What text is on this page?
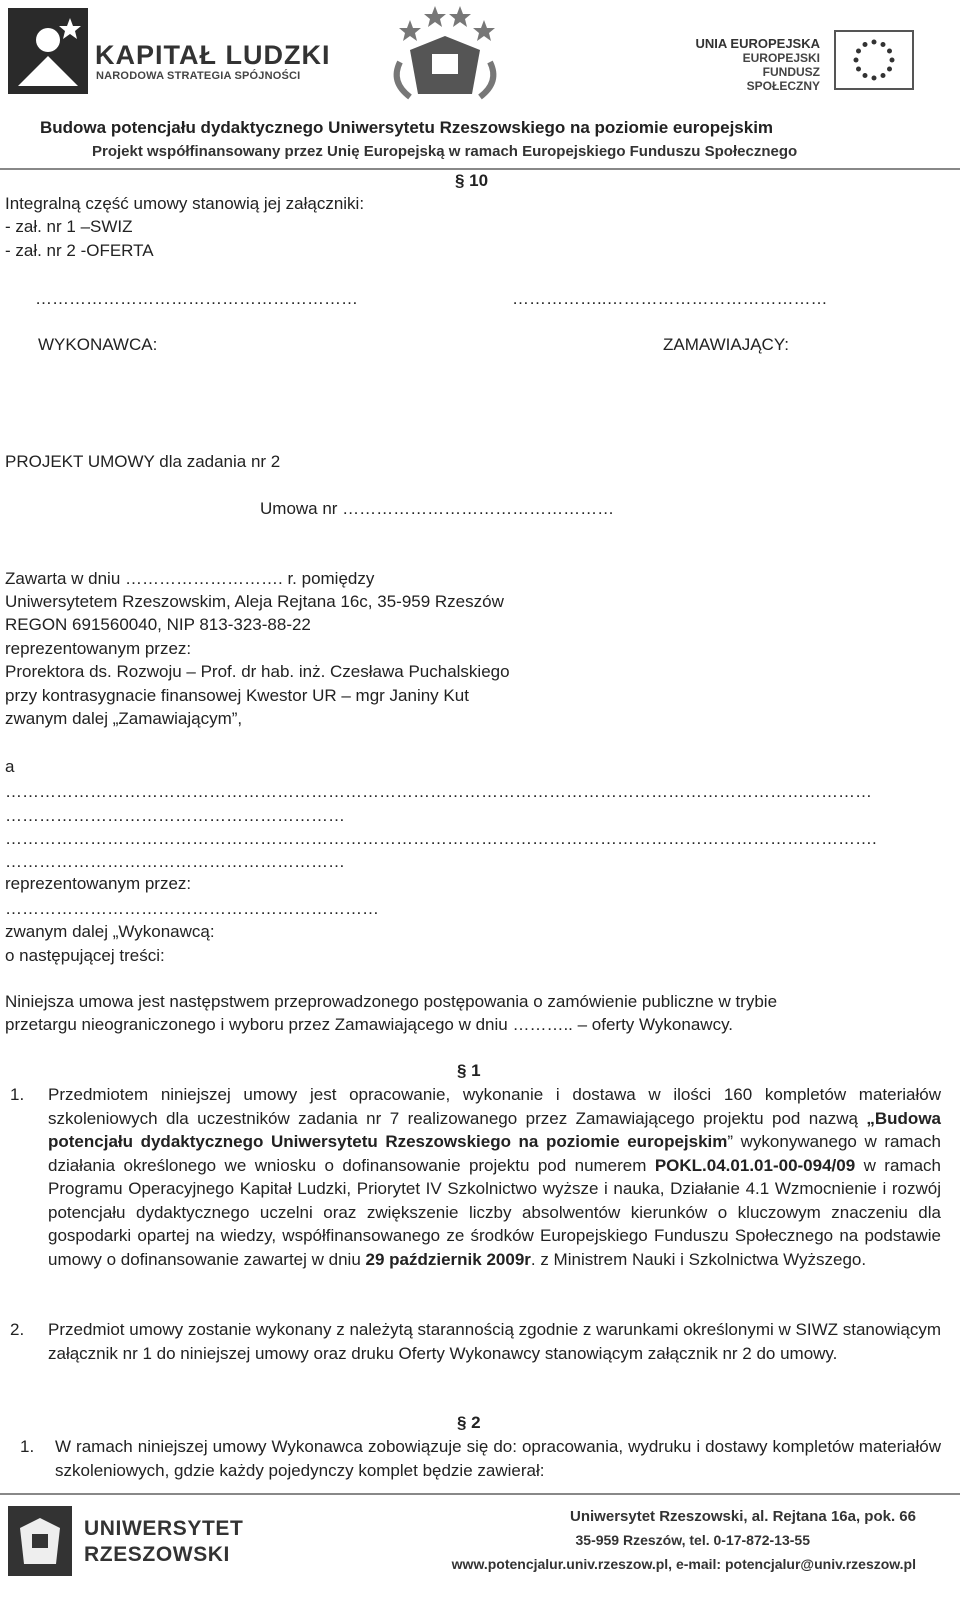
KAPITAŁ LUDZKI
NARODOWA STRATEGIA SPÓJNOŚCI
UNIA EUROPEJSKA
EUROPEJSKI
FUNDUSZ SPOŁECZNY
Budowa potencjału dydaktycznego Uniwersytetu Rzeszowskiego na poziomie europejskim
Projekt współfinansowany przez Unię Europejską w ramach Europejskiego Funduszu Społecznego
§ 10
Integralną część umowy stanowią jej załączniki:
- zał. nr 1 –SWIZ
- zał. nr 2 -OFERTA
…………………………………………………	……………..…………………………………
WYKONAWCA:	ZAMAWIAJĄCY:
PROJEKT UMOWY dla zadania nr 2
Umowa nr …………………………………………
Zawarta w dniu ………………………. r. pomiędzy
Uniwersytetem Rzeszowskim, Aleja Rejtana 16c, 35-959 Rzeszów
REGON 691560040, NIP 813-323-88-22
reprezentowanym przez:
Prorektora ds. Rozwoju – Prof. dr hab. inż. Czesława Puchalskiego
przy kontrasygnacie finansowej Kwestor UR – mgr Janiny Kut
zwanym dalej „Zamawiającym”,
a
………………………………………………………………………………………………………………………………………
……………………………………………………
……………………………………………………………………………………………………………………………………….
……………………………………………………
reprezentowanym przez:
…………………………………………………………
zwanym dalej „Wykonawcą:
o następującej treści:
Niniejsza umowa jest następstwem przeprowadzonego postępowania o zamówienie publiczne w trybie
przetargu nieograniczonego i wyboru przez Zamawiającego w dniu ……….. – oferty Wykonawcy.
§ 1
1. Przedmiotem niniejszej umowy jest opracowanie, wykonanie i dostawa w ilości 160 kompletów materiałów szkoleniowych dla uczestników zadania nr 7 realizowanego przez Zamawiającego projektu pod nazwą „Budowa potencjału dydaktycznego Uniwersytetu Rzeszowskiego na poziomie europejskim” wykonywanego w ramach działania określonego we wniosku o dofinansowanie projektu pod numerem POKL.04.01.01-00-094/09 w ramach Programu Operacyjnego Kapitał Ludzki, Priorytet IV Szkolnictwo wyższe i nauka, Działanie 4.1 Wzmocnienie i rozwój potencjału dydaktycznego uczelni oraz zwiększenie liczby absolwentów kierunków o kluczowym znaczeniu dla gospodarki opartej na wiedzy, współfinansowanego ze środków Europejskiego Funduszu Społecznego na podstawie umowy o dofinansowanie zawartej w dniu 29 październik 2009r. z Ministrem Nauki i Szkolnictwa Wyższego.
2. Przedmiot umowy zostanie wykonany z należytą starannością zgodnie z warunkami określonymi w SIWZ stanowiącym załącznik nr 1 do niniejszej umowy oraz druku Oferty Wykonawcy stanowiącym załącznik nr 2 do umowy.
§ 2
1. W ramach niniejszej umowy Wykonawca zobowiązuje się do: opracowania, wydruku i dostawy kompletów materiałów szkoleniowych, gdzie każdy pojedynczy komplet będzie zawierał:
UNIWERSYTET
RZESZOWSKI
Uniwersytet Rzeszowski, al. Rejtana 16a, pok. 66
35-959 Rzeszów, tel. 0-17-872-13-55
www.potencjalur.univ.rzeszow.pl, e-mail: potencjalur@univ.rzeszow.pl
